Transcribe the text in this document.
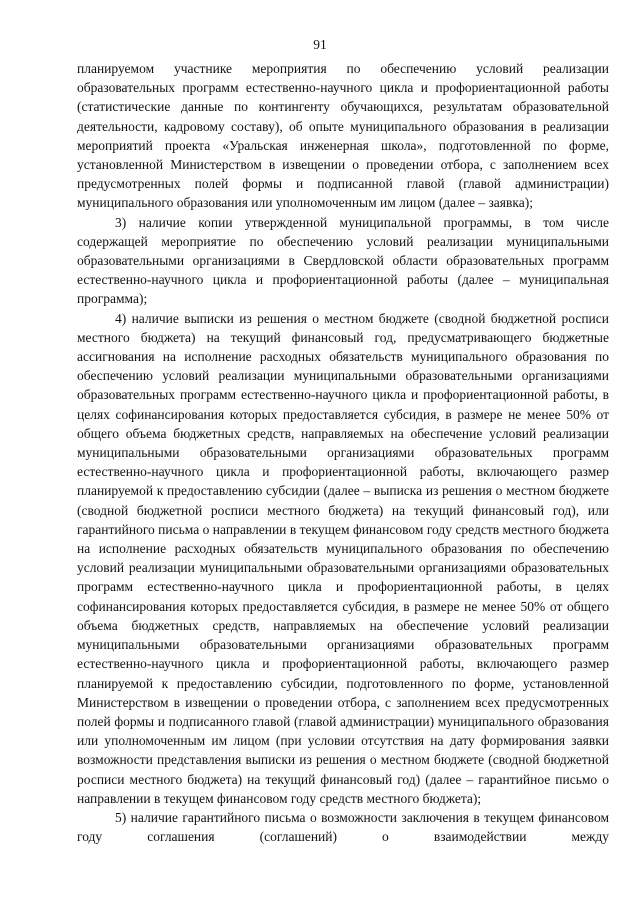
91

планируемом участнике мероприятия по обеспечению условий реализации образовательных программ естественно-научного цикла и профориентационной работы (статистические данные по контингенту обучающихся, результатам образовательной деятельности, кадровому составу), об опыте муниципального образования в реализации мероприятий проекта «Уральская инженерная школа», подготовленной по форме, установленной Министерством в извещении о проведении отбора, с заполнением всех предусмотренных полей формы и подписанной главой (главой администрации) муниципального образования или уполномоченным им лицом (далее – заявка);

3) наличие копии утвержденной муниципальной программы, в том числе содержащей мероприятие по обеспечению условий реализации муниципальными образовательными организациями в Свердловской области образовательных программ естественно-научного цикла и профориентационной работы (далее – муниципальная программа);

4) наличие выписки из решения о местном бюджете (сводной бюджетной росписи местного бюджета) на текущий финансовый год, предусматривающего бюджетные ассигнования на исполнение расходных обязательств муниципального образования по обеспечению условий реализации муниципальными образовательными организациями образовательных программ естественно-научного цикла и профориентационной работы, в целях софинансирования которых предоставляется субсидия, в размере не менее 50% от общего объема бюджетных средств, направляемых на обеспечение условий реализации муниципальными образовательными организациями образовательных программ естественно-научного цикла и профориентационной работы, включающего размер планируемой к предоставлению субсидии (далее – выписка из решения о местном бюджете (сводной бюджетной росписи местного бюджета) на текущий финансовый год), или гарантийного письма о направлении в текущем финансовом году средств местного бюджета на исполнение расходных обязательств муниципального образования по обеспечению условий реализации муниципальными образовательными организациями образовательных программ естественно-научного цикла и профориентационной работы, в целях софинансирования которых предоставляется субсидия, в размере не менее 50% от общего объема бюджетных средств, направляемых на обеспечение условий реализации муниципальными образовательными организациями образовательных программ естественно-научного цикла и профориентационной работы, включающего размер планируемой к предоставлению субсидии, подготовленного по форме, установленной Министерством в извещении о проведении отбора, с заполнением всех предусмотренных полей формы и подписанного главой (главой администрации) муниципального образования или уполномоченным им лицом (при условии отсутствия на дату формирования заявки возможности представления выписки из решения о местном бюджете (сводной бюджетной росписи местного бюджета) на текущий финансовый год) (далее – гарантийное письмо о направлении в текущем финансовом году средств местного бюджета);

5) наличие гарантийного письма о возможности заключения в текущем финансовом году соглашения (соглашений) о взаимодействии между
